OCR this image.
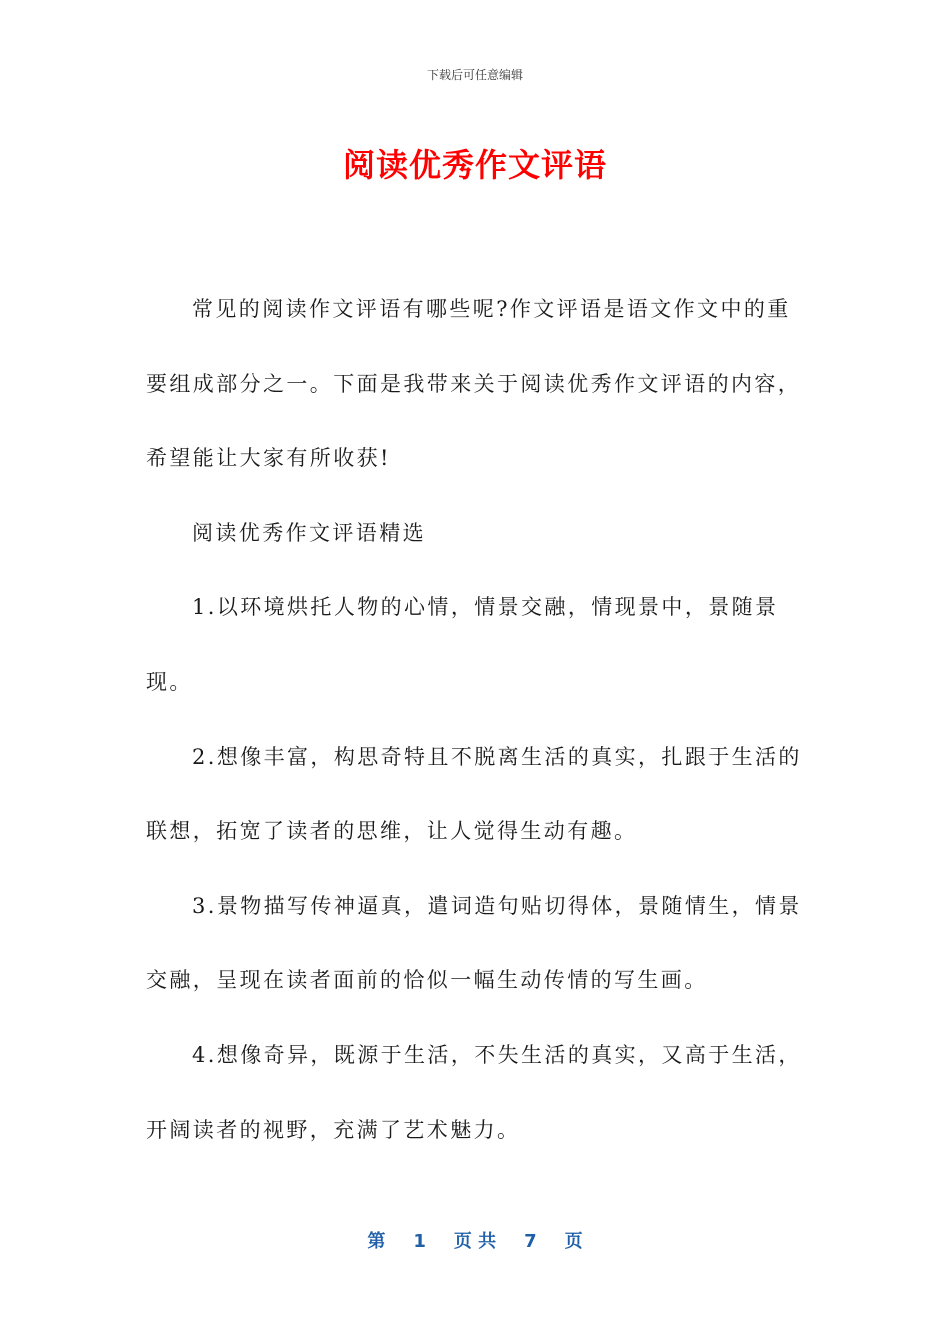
下载后可任意编辑
阅读优秀作文评语

常见的阅读作文评语有哪些呢?作文评语是语文作文中的重要组成部分之一。下面是我带来关于阅读优秀作文评语的内容，希望能让大家有所收获!

阅读优秀作文评语精选

1.以环境烘托人物的心情，情景交融，情现景中，景随景现。

2.想像丰富，构思奇特且不脱离生活的真实，扎跟于生活的联想，拓宽了读者的思维，让人觉得生动有趣。

3.景物描写传神逼真，遣词造句贴切得体，景随情生，情景交融，呈现在读者面前的恰似一幅生动传情的写生画。

4.想像奇异，既源于生活，不失生活的真实，又高于生活，开阔读者的视野，充满了艺术魅力。

第 1 页 共 7 页
